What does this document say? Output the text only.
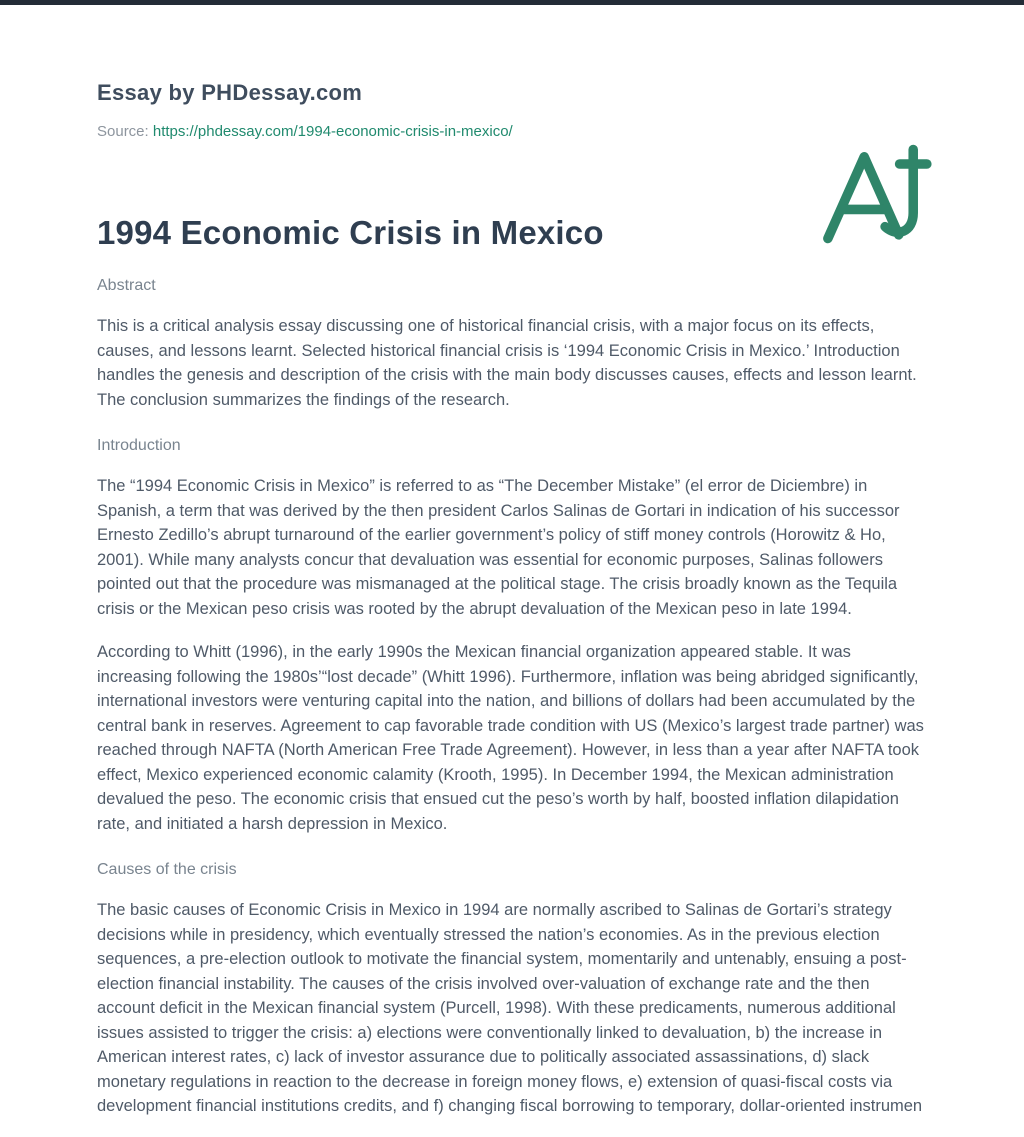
Essay by PHDessay.com
Source: https://phdessay.com/1994-economic-crisis-in-mexico/
1994 Economic Crisis in Mexico
Abstract

This is a critical analysis essay discussing one of historical financial crisis, with a major focus on its effects, causes, and lessons learnt. Selected historical financial crisis is ‘1994 Economic Crisis in Mexico.’ Introduction handles the genesis and description of the crisis with the main body discusses causes, effects and lesson learnt. The conclusion summarizes the findings of the research.

Introduction

The “1994 Economic Crisis in Mexico” is referred to as “The December Mistake” (el error de Diciembre) in Spanish, a term that was derived by the then president Carlos Salinas de Gortari in indication of his successor Ernesto Zedillo’s abrupt turnaround of the earlier government’s policy of stiff money controls (Horowitz & Ho, 2001). While many analysts concur that devaluation was essential for economic purposes, Salinas followers pointed out that the procedure was mismanaged at the political stage. The crisis broadly known as the Tequila crisis or the Mexican peso crisis was rooted by the abrupt devaluation of the Mexican peso in late 1994.

According to Whitt (1996), in the early 1990s the Mexican financial organization appeared stable. It was increasing following the 1980s’“lost decade” (Whitt 1996). Furthermore, inflation was being abridged significantly, international investors were venturing capital into the nation, and billions of dollars had been accumulated by the central bank in reserves. Agreement to cap favorable trade condition with US (Mexico’s largest trade partner) was reached through NAFTA (North American Free Trade Agreement). However, in less than a year after NAFTA took effect, Mexico experienced economic calamity (Krooth, 1995). In December 1994, the Mexican administration devalued the peso. The economic crisis that ensued cut the peso’s worth by half, boosted inflation dilapidation rate, and initiated a harsh depression in Mexico.

Causes of the crisis

The basic causes of Economic Crisis in Mexico in 1994 are normally ascribed to Salinas de Gortari’s strategy decisions while in presidency, which eventually stressed the nation’s economies. As in the previous election sequences, a pre-election outlook to motivate the financial system, momentarily and untenably, ensuing a post-election financial instability. The causes of the crisis involved over-valuation of exchange rate and the then account deficit in the Mexican financial system (Purcell, 1998). With these predicaments, numerous additional issues assisted to trigger the crisis: a) elections were conventionally linked to devaluation, b) the increase in American interest rates, c) lack of investor assurance due to politically associated assassinations, d) slack monetary regulations in reaction to the decrease in foreign money flows, e) extension of quasi-fiscal costs via development financial institutions credits, and f) changing fiscal borrowing to temporary, dollar-oriented instrumen
